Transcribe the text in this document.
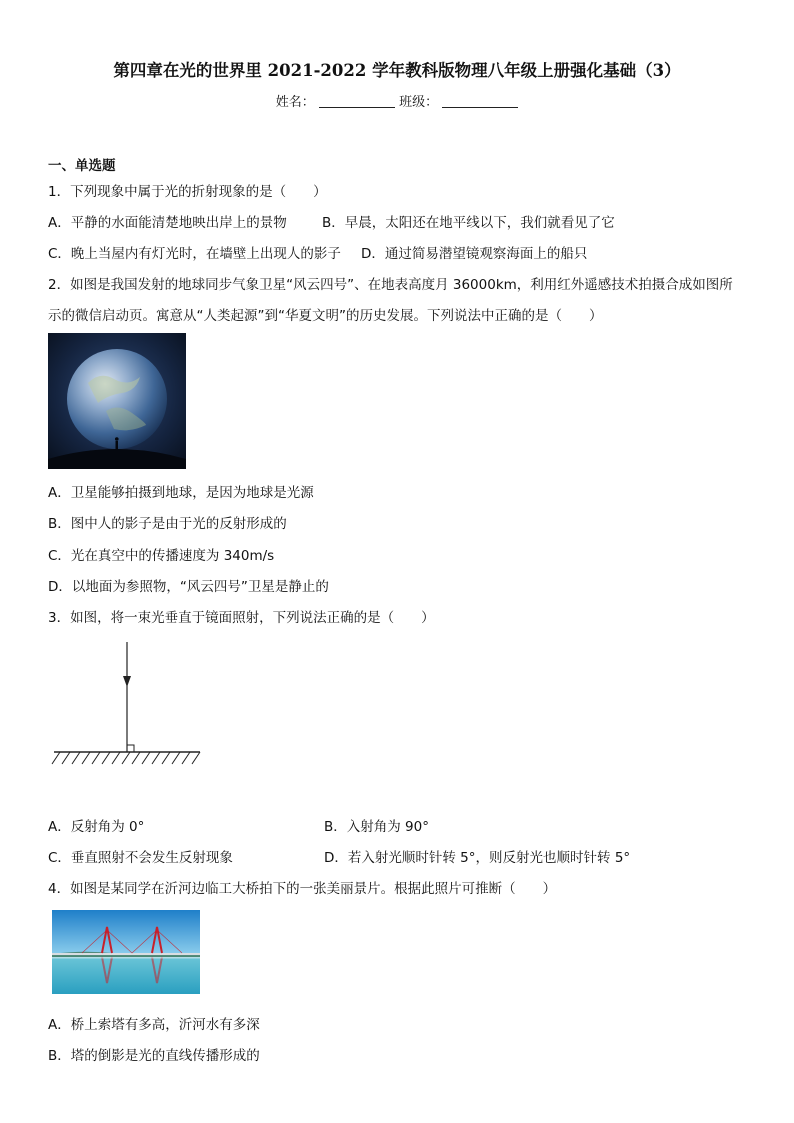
第四章在光的世界里 2021-2022 学年教科版物理八年级上册强化基础（3）
姓名：	班级：
一、单选题
1．下列现象中属于光的折射现象的是（　　）
A．平静的水面能清楚地映出岸上的景物	B．早晨，太阳还在地平线以下，我们就看见了它
C．晚上当屋内有灯光时，在墙壁上出现人的影子 D．通过简易潜望镜观察海面上的船只
2．如图是我国发射的地球同步气象卫星“风云四号”、在地表高度月 36000km，利用红外遥感技术拍摄合成如图所
示的微信启动页。寓意从“人类起源”到“华夏文明”的历史发展。下列说法中正确的是（　　）
A．卫星能够拍摄到地球，是因为地球是光源
B．图中人的影子是由于光的反射形成的
C．光在真空中的传播速度为 340m/s
D．以地面为参照物，“风云四号”卫星是静止的
3．如图，将一束光垂直于镜面照射，下列说法正确的是（　　）
A．反射角为 0°	B．入射角为 90°
C．垂直照射不会发生反射现象	D．若入射光顺时针转 5°，则反射光也顺时针转 5°
4．如图是某同学在沂河边临工大桥拍下的一张美丽景片。根据此照片可推断（　　）
A．桥上索塔有多高，沂河水有多深
B．塔的倒影是光的直线传播形成的
